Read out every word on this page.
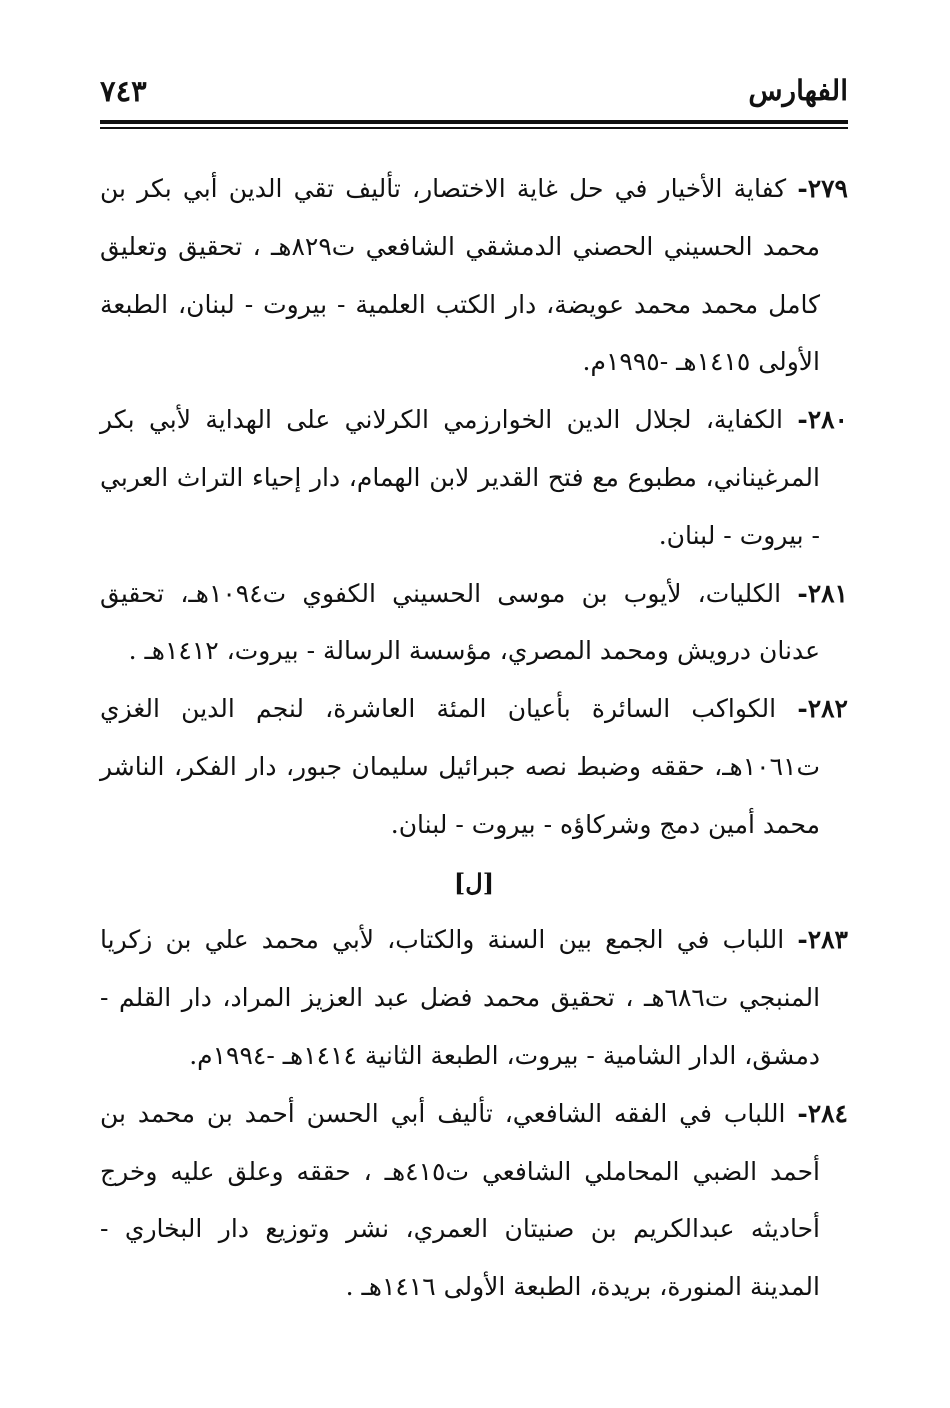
الفهارس
٧٤٣

٢٧٩- كفاية الأخيار في حل غاية الاختصار، تأليف تقي الدين أبي بكر بن محمد الحسيني الحصني الدمشقي الشافعي ت٨٢٩هـ ، تحقيق وتعليق كامل محمد محمد عويضة، دار الكتب العلمية - بيروت - لبنان، الطبعة الأولى ١٤١٥هـ -١٩٩٥م.

٢٨٠- الكفاية، لجلال الدين الخوارزمي الكرلاني على الهداية لأبي بكر المرغيناني، مطبوع مع فتح القدير لابن الهمام، دار إحياء التراث العربي - بيروت - لبنان.

٢٨١- الكليات، لأيوب بن موسى الحسيني الكفوي ت١٠٩٤هـ، تحقيق عدنان درويش ومحمد المصري، مؤسسة الرسالة - بيروت، ١٤١٢هـ .

٢٨٢- الكواكب السائرة بأعيان المئة العاشرة، لنجم الدين الغزي ت١٠٦١هـ، حققه وضبط نصه جبرائيل سليمان جبور، دار الفكر، الناشر محمد أمين دمج وشركاؤه - بيروت - لبنان.

[ل]

٢٨٣- اللباب في الجمع بين السنة والكتاب، لأبي محمد علي بن زكريا المنبجي ت٦٨٦هـ ، تحقيق محمد فضل عبد العزيز المراد، دار القلم - دمشق، الدار الشامية - بيروت، الطبعة الثانية ١٤١٤هـ -١٩٩٤م.

٢٨٤- اللباب في الفقه الشافعي، تأليف أبي الحسن أحمد بن محمد بن أحمد الضبي المحاملي الشافعي ت٤١٥هـ ، حققه وعلق عليه وخرج أحاديثه عبدالكريم بن صنيتان العمري، نشر وتوزيع دار البخاري - المدينة المنورة، بريدة، الطبعة الأولى ١٤١٦هـ .
